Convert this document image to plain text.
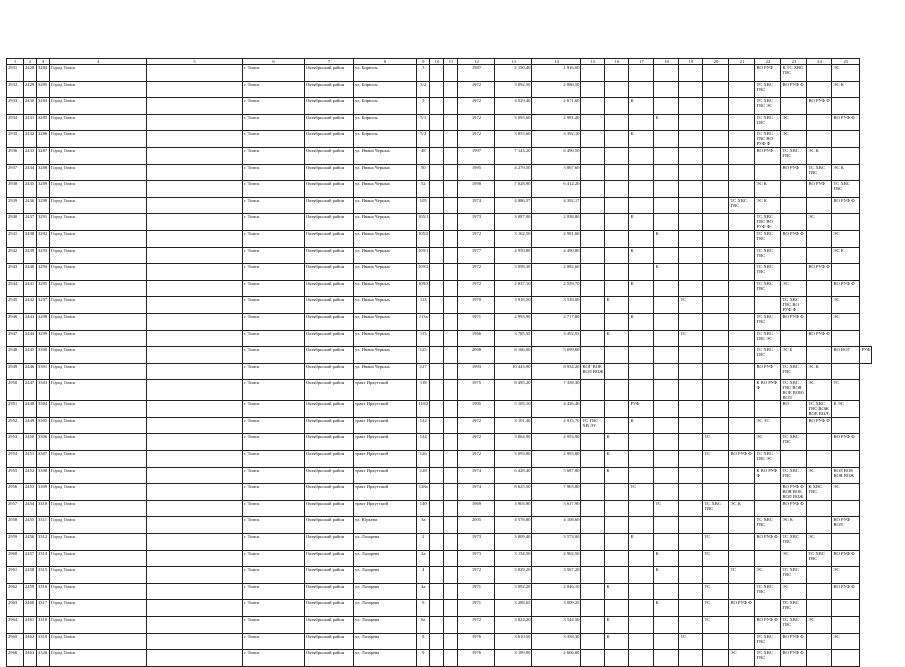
1	2	3	4	5	6	7	8	9	10	11	12	13	14	15	16	17	18	19	20	21	22	23	24	25	
2931	2428	3284	Город Томск		г. Томск	Октябрьский район	ул. Бирюсы	3			1987	2 150,40	1 916,60								ВО РУФ	К ТС ХВС ГВС		ЭС	
2932	2429	3285	Город Томск		г. Томск	Октябрьский район	ул. Бирюсы	3/2			1972	3 092,50	2 880,50								ТС ХВС ГВС	ВО РУФ Ф		ЭС К	
2933	2430	3284	Город Томск		г. Томск	Октябрьский район	ул. Бирюсы	5			1972	4 029,40	2 671,60			К					ТС ХВС ГВС ЭС		ВО РУФ Ф		
2934	2431	3285	Город Томск		г. Томск	Октябрьский район	ул. Бирюсы	5/1			1972	3 093,60	2 981,20				К				ТС ХВС ГВС	ЭС		ВО РУФ Ф	
2935	2432	3286	Город Томск		г. Томск	Октябрьский район	ул. Бирюсы	5/2			1972	3 853,60	3 392,10			К					ТС ХВС ГВС ВО РУФ Ф	ЭС			
2936	2433	3287	Город Томск		г. Томск	Октябрьский район	ул. Ивана Черных	48			1997	7 143,20	6 490,50								ВО РУФ	ТС ХВС ГВС	ЭС К		
2937	2434	3288	Город Томск		г. Томск	Октябрьский район	ул. Ивана Черных	50			1995	4 279,50	3 867,60									ВО РУФ	ТС ХВС ГВС	ЭС К	
2938	2435	3289	Город Томск		г. Томск	Октябрьский район	ул. Ивана Черных	52			1998	7 028,90	6 412,20								ЭС К		ВО РУФ	ТС ХВС ГВС	
2939	2436	3290	Город Томск		г. Томск	Октябрьский район	ул. Ивана Черных	105			1974	4 886,57	4 392,17							ТС ХВС ГВС	ЭС К			ВО РУФ Ф	
2940	2437	3291	Город Томск		г. Томск	Октябрьский район	ул. Ивана Черных	105/1			1973	3 087,00	2 838,80			К					ТС ХВС ГВС ВО РУФ Ф		ЭС		
2941	2438	3292	Город Томск		г. Томск	Октябрьский район	ул. Ивана Черных	105/2			1972	3 162,50	2 981,60				К				ТС ХВС ГВС	ВО РУФ Ф		ЭС	
2942	2439	3293	Город Томск		г. Томск	Октябрьский район	ул. Ивана Черных	109/1			1977	4 950,80	4 490,80			К					ТС ХВС ГВС			ЭС К	
2943	2440	3294	Город Томск		г. Томск	Октябрьский район	ул. Ивана Черных	109/2			1972	3 098,30	2 882,60				К				ТС ХВС ГВС		ВО РУФ Ф		
2944	2441	3295	Город Томск		г. Томск	Октябрьский район	ул. Ивана Черных	109/3			1972	2 837,10	2 559,70			К					ТС ХВС ГВС	ЭС		ВО РУФ Ф	
2945	2442	3297	Город Томск		г. Томск	Октябрьский район	ул. Ивана Черных	113			1970	3 918,50	3 539,00		К			ТС				ТС ХВС ГВС ВО РУФ Ф		ЭС	
2946	2443	3298	Город Томск		г. Томск	Октябрьский район	ул. Ивана Черных	113а			1971	2 993,90	2 717,80			К					ТС ХВС ГВС	ВО РУФ Ф		ЭС	
2947	2444	3299	Город Томск		г. Томск	Октябрьский район	ул. Ивана Черных	115			1966	3 785,55	3 492,95		К			ТС			ТС ХВС ГВС ЭС		ВО РУФ Ф		
2948	2445	3300	Город Томск		г. Томск	Октябрьский район	ул. Ивана Черных	125			2008	6 166,00	5 699,60								ТС ХВС ГВС	ЭС Б		ВО ВОГ	РУФ
2949	2446	3301	Город Томск		г. Томск	Октябрьский район	ул. Ивана Черных	127			1993	10 443,90	8 934,20	ВОГ ВОЕ ВОЛ ВОЖ							ВО РУФ	ТС ХВС ГВС	ЭС К		
2950	2447	3303	Город Томск		г. Томск	Октябрьский район	тракт Иркутский	118			1975	8 495,20	7 358,30								К ВО РУФ Ф	ТС ХВС ГВС ВОЯ ВОЕ ВОЮ ВОЛ	ЭС	ТС	
2951	2448	3304	Город Томск		г. Томск	Октябрьский район	тракт Иркутский	118/2			1995	5 105,10	4 426,40			РУФ						ВО	ТС ХВС ГВС ВОЖ ВОЕ ВОЛ	К ЭС	
2952	2449	3305	Город Томск		г. Томск	Октябрьский район	тракт Иркутский	122			1972	3 101,40	2 915,70	ТС ГВС ХВ ЭУ		К					ЭС ТС		ВО РУФ Ф		
2953	2450	3306	Город Томск		г. Томск	Октябрьский район	тракт Иркутский	124			1972	3 064,90	2 953,90		К				ТС		ЭС	ТС ХВС ГВС		ВО РУФ Ф	
2954	2451	3307	Город Томск		г. Томск	Октябрьский район	тракт Иркутский	126			1972	3 093,80	2 993,80		К				ТС	ВО РУФ Ф	ТС ХВС ГВС ЭС				
2955	2452	3308	Город Томск		г. Томск	Октябрьский район	тракт Иркутский	128			1974	6 428,40	5 687,80		К						К ВО РУФ Ф	ТС ХВС ГВС	ЭС	ВОЛ ВОЕ ВОЯ ВОЖ	
2956	2453	3309	Город Томск		г. Томск	Октябрьский район	тракт Иркутский	128а			1974	8 625,50	7 903,80			ТС						ВО РУФ Ф ВОЯ ВОЕ ВОЛ ВОЖ	К ХВС ГВС	ЭС	
2957	2454	3310	Город Томск		г. Томск	Октябрьский район	тракт Иркутский	140			1969	3 903,90	3 617,90				ТС		ТС ХВС ГВС	ЭС К		ВО РУФ Ф			
2958	2455	3311	Город Томск		г. Томск	Октябрьский район	ул. Юрьева	3а			2005	4 578,80	4 108,60								ТС ХВС ГВС	ЭС К		ВО РУФ ВОЛ	
2959	2456	3312	Город Томск		г. Томск	Октябрьский район	ул. Лазарева	2			1973	3 809,40	3 573,00			К			ТС		ВО РУФ Ф	ТС ХВС ГВС	ЭС		
2960	2457	3314	Город Томск		г. Томск	Октябрьский район	ул. Лазарева	2а			1973	3 154,50	2 902,50				К		ТС			ЭС	ТС ХВС ГВС	ВО РУФ Ф	
2961	2458	3315	Город Томск		г. Томск	Октябрьский район	ул. Лазарева	4			1972	3 829,20	3 567,20				К			ТС	ЭС	ТС ХВС ГВС		ЭС	
2962	2459	3316	Город Томск		г. Томск	Октябрьский район	ул. Лазарева	4а			1971	3 092,20	2 846,10		К				ТС		ТС ХВС ГВС	ЭС		ВО РУФ Ф	
2963	2460	3317	Город Томск		г. Томск	Октябрьский район	ул. Лазарева	6			1971	3 288,65	3 009,25				К		ТС	ВО РУФ Ф		ТС ХВС ГВС			
2964	2461	3318	Город Томск		г. Томск	Октябрьский район	ул. Лазарева	6а			1972	3 824,20	3 544,50		К				ТС		ВО РУФ Ф	ТС ХВС ГВС	ЭС		
2965	2462	3319	Город Томск		г. Томск	Октябрьский район	ул. Лазарева	8			1976	3 610,50	3 358,30		К			ТС			ТС ХВС ГВС	ВО РУФ Ф		ЭС	
2966	2463	3320	Город Томск		г. Томск	Октябрьский район	ул. Лазарева	9			1976	3 189,00	2 606,00							ЭС	ТС ХВС ГВС	ВО РУФ Ф			
